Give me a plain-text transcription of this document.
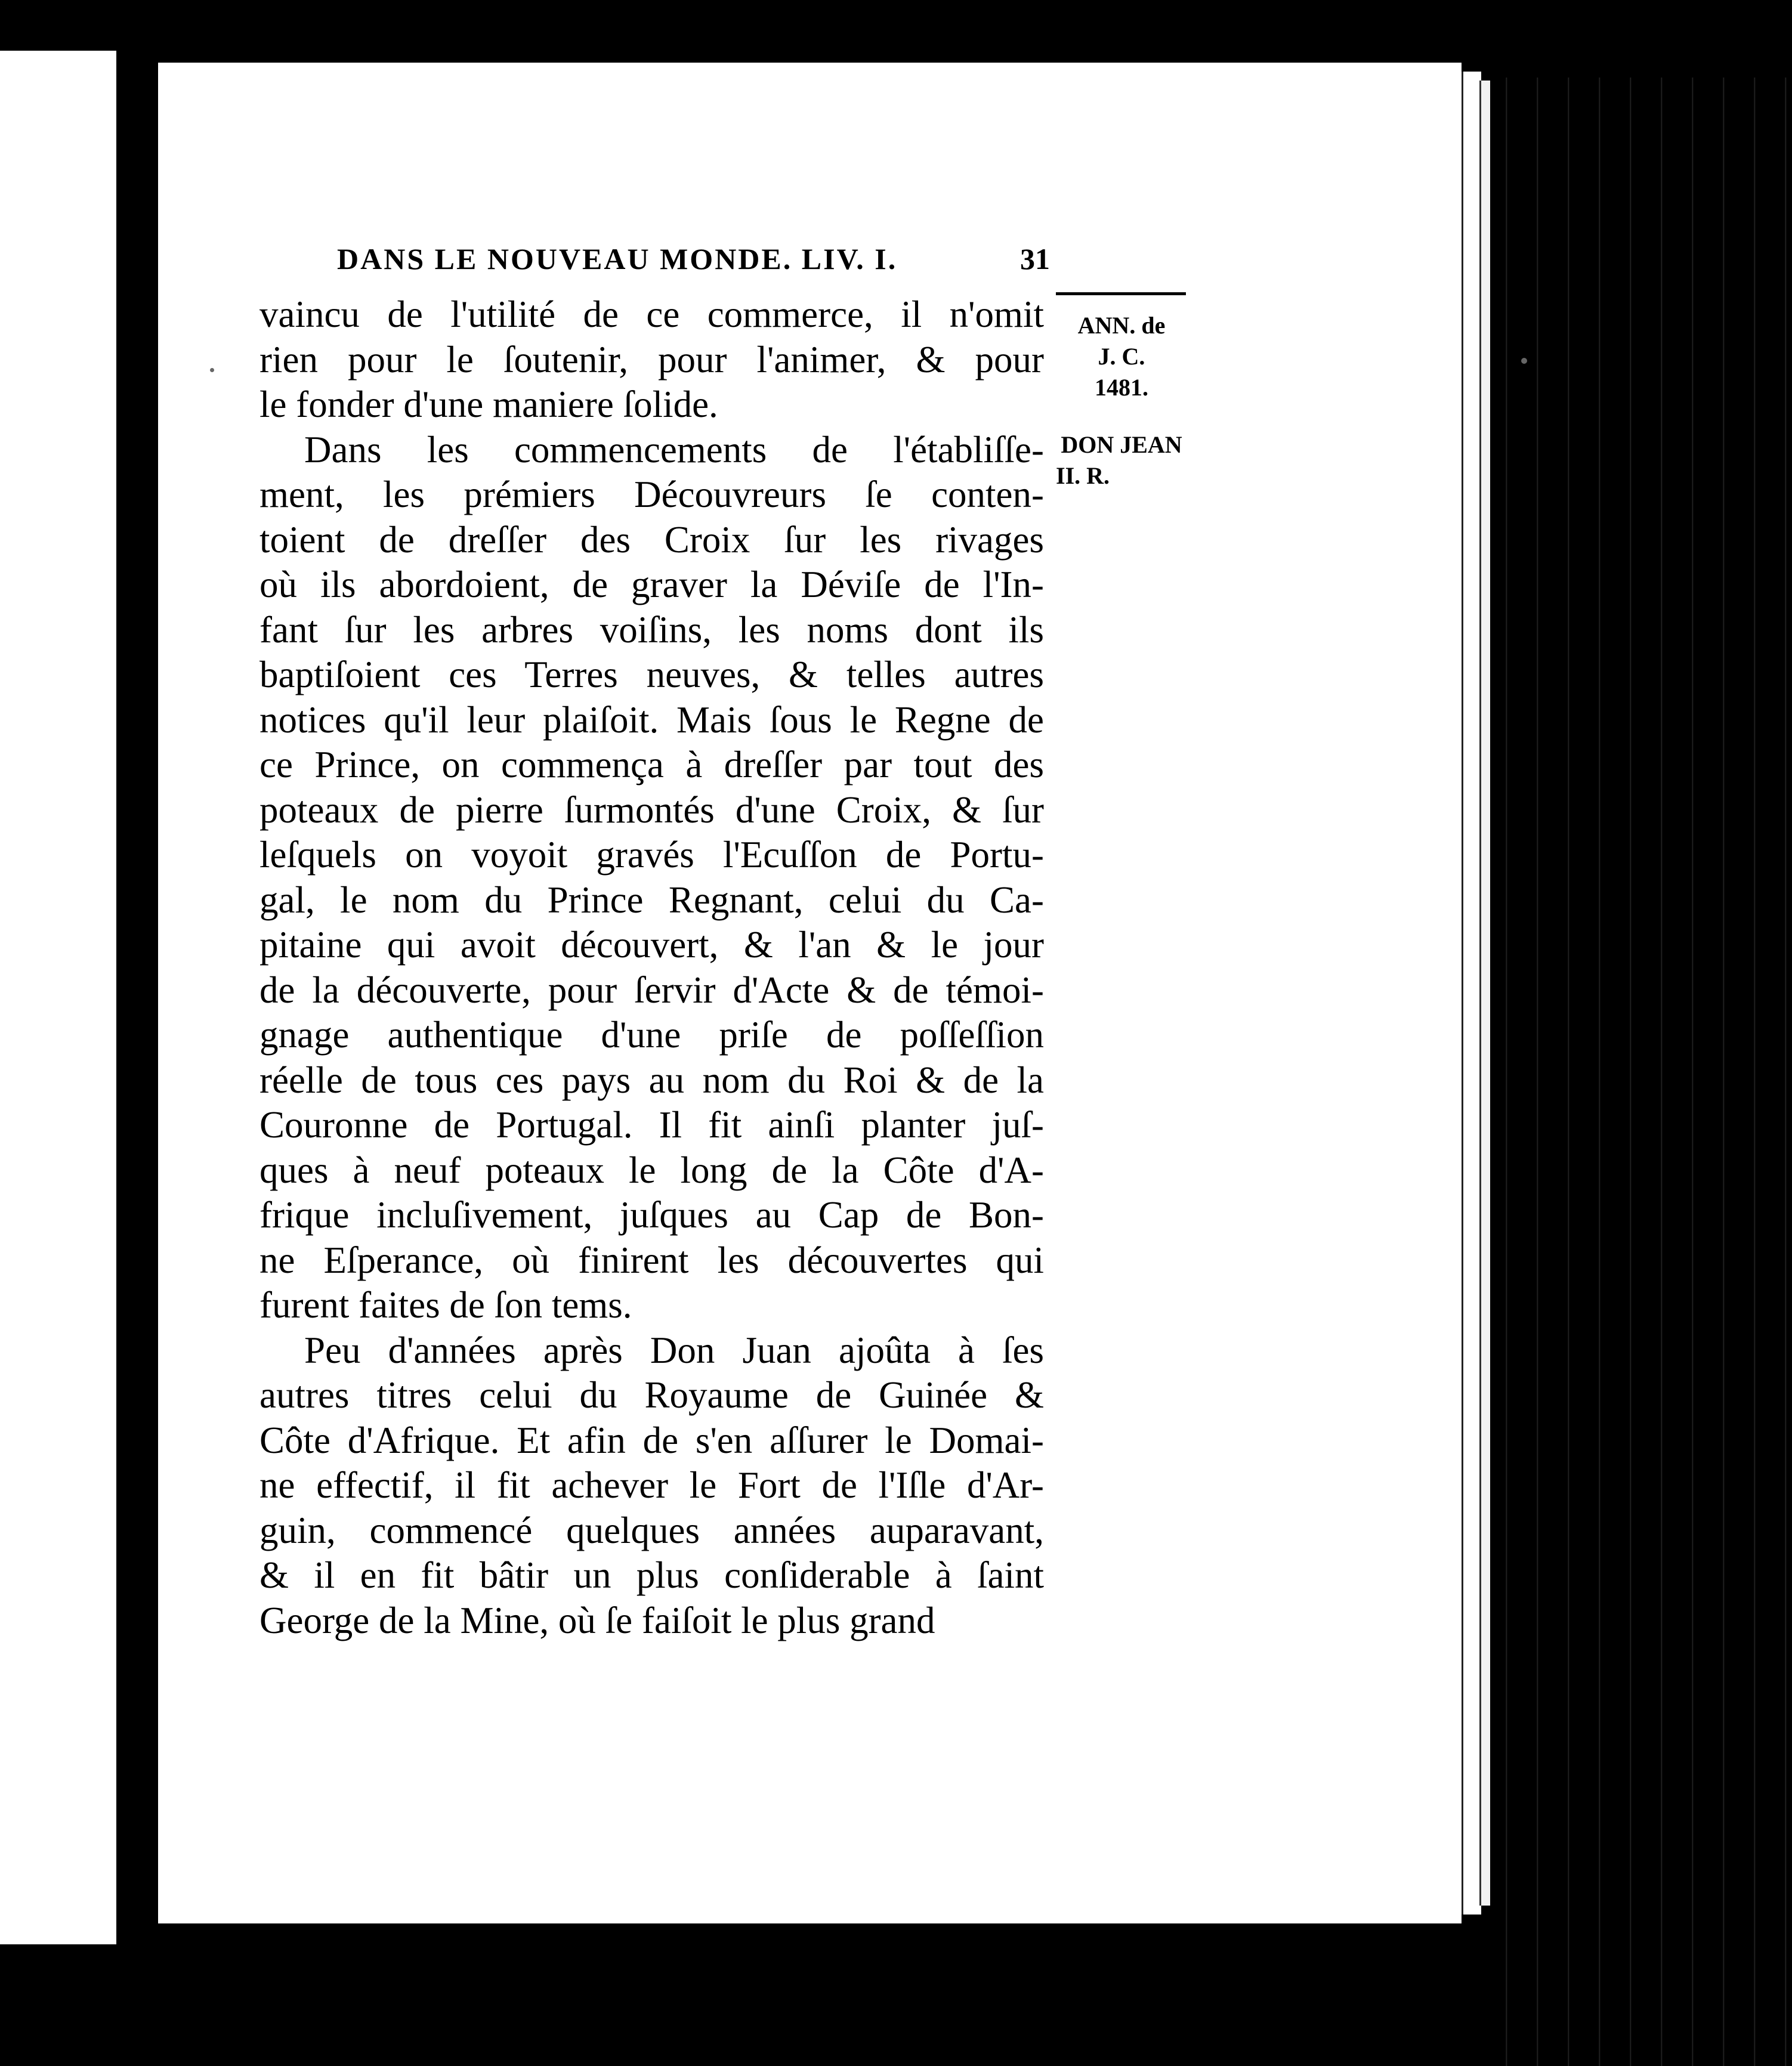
DANS LE NOUVEAU MONDE. LIV. I.	31
ANN. de
J. C.
1481.
DON JEAN
II. R.
vaincu de l'utilité de ce commerce, il n'omit
rien pour le ſoutenir, pour l'animer, & pour
le fonder d'une maniere ſolide.
Dans les commencements de l'établiſſe-
ment, les prémiers Découvreurs ſe conten-
toient de dreſſer des Croix ſur les rivages
où ils abordoient, de graver la Déviſe de l'In-
fant ſur les arbres voiſins, les noms dont ils
baptiſoient ces Terres neuves, & telles autres
notices qu'il leur plaiſoit. Mais ſous le Regne de
ce Prince, on commença à dreſſer par tout des
poteaux de pierre ſurmontés d'une Croix, & ſur
leſquels on voyoit gravés l'Ecuſſon de Portu-
gal, le nom du Prince Regnant, celui du Ca-
pitaine qui avoit découvert, & l'an & le jour
de la découverte, pour ſervir d'Acte & de témoi-
gnage authentique d'une priſe de poſſeſſion
réelle de tous ces pays au nom du Roi & de la
Couronne de Portugal. Il fit ainſi planter juſ-
ques à neuf poteaux le long de la Côte d'A-
frique incluſivement, juſques au Cap de Bon-
ne Eſperance, où finirent les découvertes qui
furent faites de ſon tems.
Peu d'années après Don Juan ajoûta à ſes
autres titres celui du Royaume de Guinée &
Côte d'Afrique. Et afin de s'en aſſurer le Domai-
ne effectif, il fit achever le Fort de l'Iſle d'Ar-
guin, commencé quelques années auparavant,
& il en fit bâtir un plus conſiderable à ſaint
George de la Mine, où ſe faiſoit le plus grand
